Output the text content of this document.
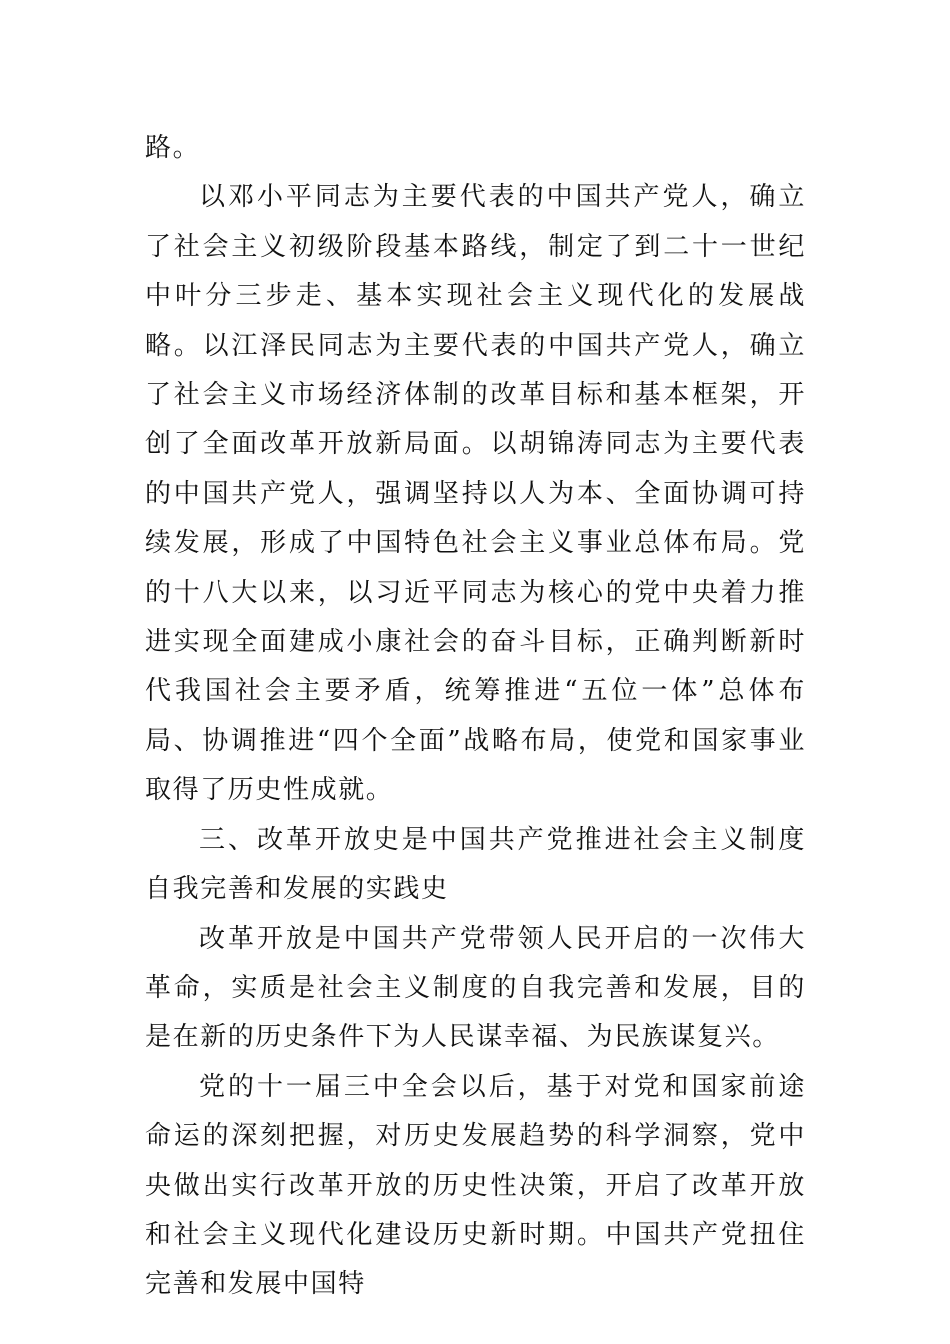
路。

以邓小平同志为主要代表的中国共产党人，确立了社会主义初级阶段基本路线，制定了到二十一世纪中叶分三步走、基本实现社会主义现代化的发展战略。以江泽民同志为主要代表的中国共产党人，确立了社会主义市场经济体制的改革目标和基本框架，开创了全面改革开放新局面。以胡锦涛同志为主要代表的中国共产党人，强调坚持以人为本、全面协调可持续发展，形成了中国特色社会主义事业总体布局。党的十八大以来，以习近平同志为核心的党中央着力推进实现全面建成小康社会的奋斗目标，正确判断新时代我国社会主要矛盾，统筹推进“五位一体”总体布局、协调推进“四个全面”战略布局，使党和国家事业取得了历史性成就。

三、改革开放史是中国共产党推进社会主义制度自我完善和发展的实践史

改革开放是中国共产党带领人民开启的一次伟大革命，实质是社会主义制度的自我完善和发展，目的是在新的历史条件下为人民谋幸福、为民族谋复兴。

党的十一届三中全会以后，基于对党和国家前途命运的深刻把握，对历史发展趋势的科学洞察，党中央做出实行改革开放的历史性决策，开启了改革开放和社会主义现代化建设历史新时期。中国共产党扭住完善和发展中国特
